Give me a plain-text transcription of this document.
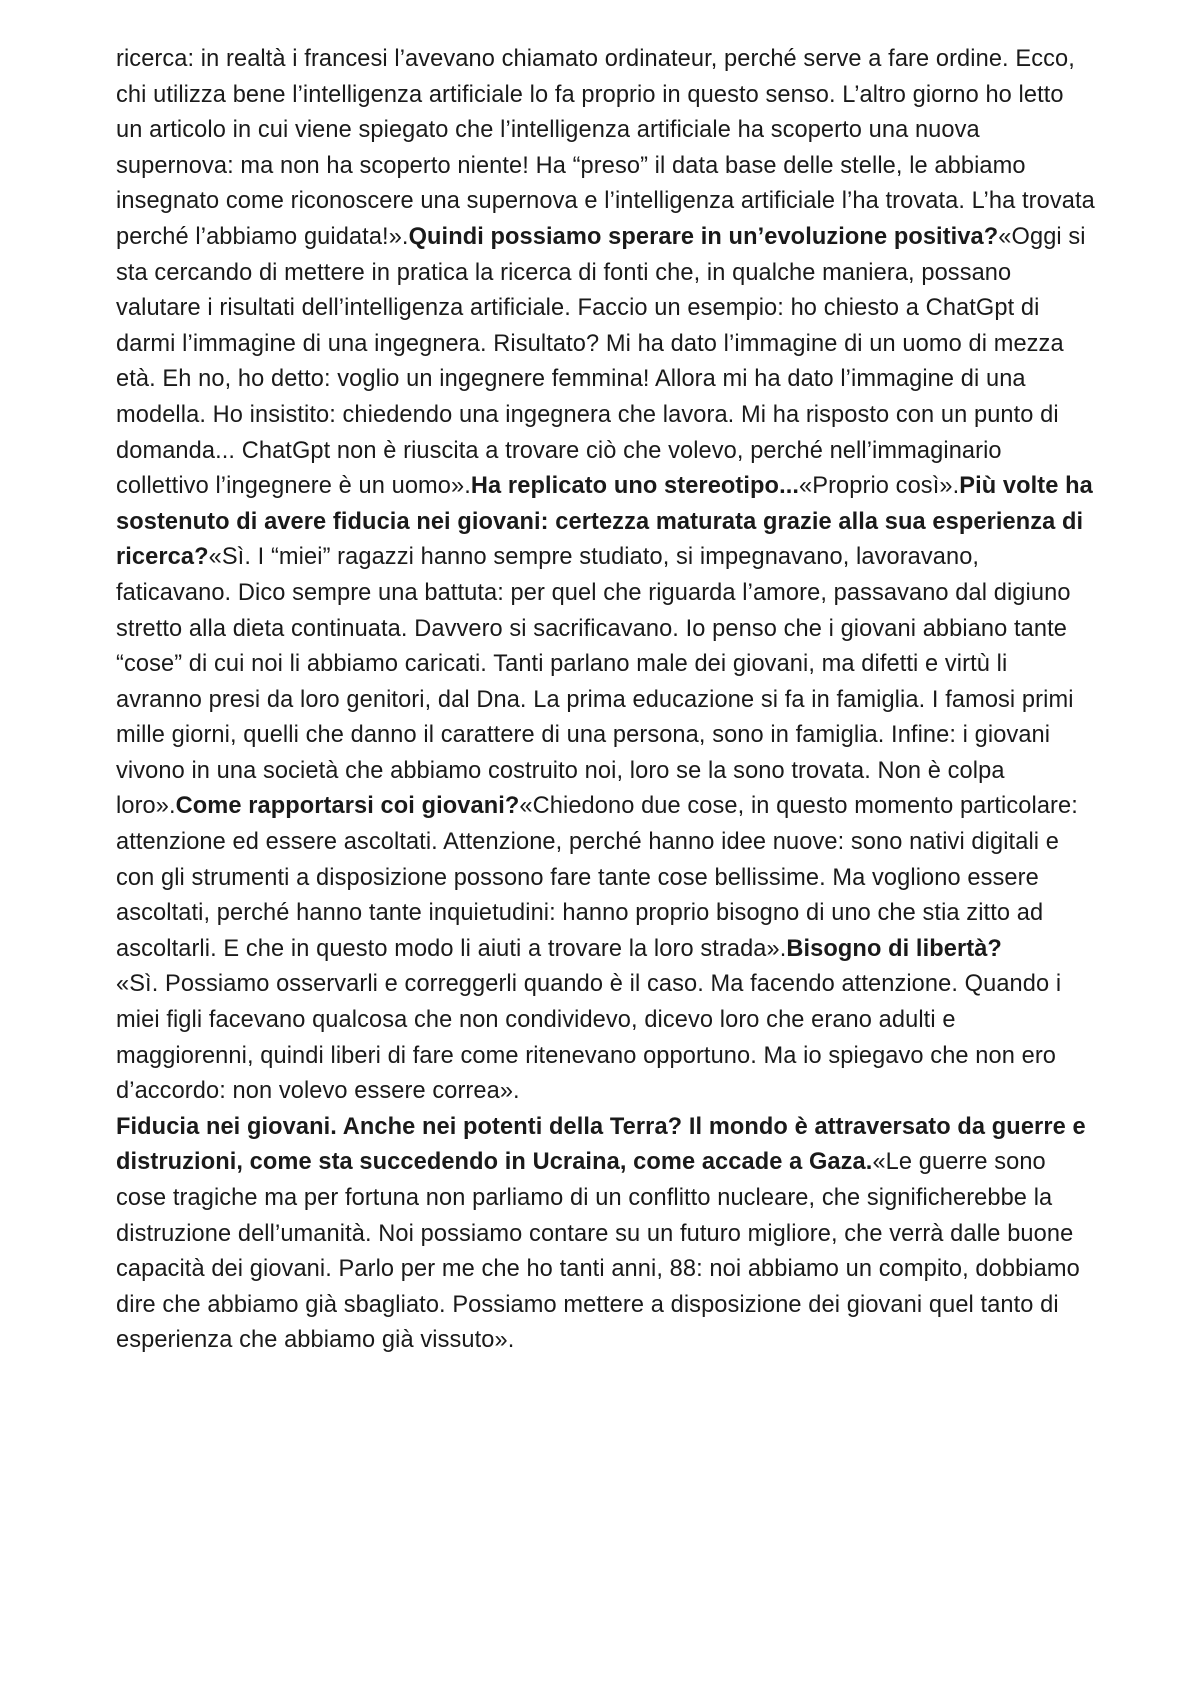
ricerca: in realtà i francesi l’avevano chiamato ordinateur, perché serve a fare ordine. Ecco, chi utilizza bene l’intelligenza artificiale lo fa proprio in questo senso. L’altro giorno ho letto un articolo in cui viene spiegato che l’intelligenza artificiale ha scoperto una nuova supernova: ma non ha scoperto niente! Ha “preso” il data base delle stelle, le abbiamo insegnato come riconoscere una supernova e l’intelligenza artificiale l’ha trovata. L’ha trovata perché l’abbiamo guidata!».Quindi possiamo sperare in un’evoluzione positiva?«Oggi si sta cercando di mettere in pratica la ricerca di fonti che, in qualche maniera, possano valutare i risultati dell’intelligenza artificiale. Faccio un esempio: ho chiesto a ChatGpt di darmi l’immagine di una ingegnera. Risultato? Mi ha dato l’immagine di un uomo di mezza età. Eh no, ho detto: voglio un ingegnere femmina! Allora mi ha dato l’immagine di una modella. Ho insistito: chiedendo una ingegnera che lavora. Mi ha risposto con un punto di domanda... ChatGpt non è riuscita a trovare ciò che volevo, perché nell’immaginario collettivo l’ingegnere è un uomo».Ha replicato uno stereotipo...«Proprio così».Più volte ha sostenuto di avere fiducia nei giovani: certezza maturata grazie alla sua esperienza di ricerca?«Sì. I “miei” ragazzi hanno sempre studiato, si impegnavano, lavoravano, faticavano. Dico sempre una battuta: per quel che riguarda l’amore, passavano dal digiuno stretto alla dieta continuata. Davvero si sacrificavano. Io penso che i giovani abbiano tante “cose” di cui noi li abbiamo caricati. Tanti parlano male dei giovani, ma difetti e virtù li avranno presi da loro genitori, dal Dna. La prima educazione si fa in famiglia. I famosi primi mille giorni, quelli che danno il carattere di una persona, sono in famiglia. Infine: i giovani vivono in una società che abbiamo costruito noi, loro se la sono trovata. Non è colpa loro».Come rapportarsi coi giovani?«Chiedono due cose, in questo momento particolare: attenzione ed essere ascoltati. Attenzione, perché hanno idee nuove: sono nativi digitali e con gli strumenti a disposizione possono fare tante cose bellissime. Ma vogliono essere ascoltati, perché hanno tante inquietudini: hanno proprio bisogno di uno che stia zitto ad ascoltarli. E che in questo modo li aiuti a trovare la loro strada».Bisogno di libertà?

«Sì. Possiamo osservarli e correggerli quando è il caso. Ma facendo attenzione. Quando i miei figli facevano qualcosa che non condividevo, dicevo loro che erano adulti e maggiorenni, quindi liberi di fare come ritenevano opportuno. Ma io spiegavo che non ero d’accordo: non volevo essere correa».

Fiducia nei giovani. Anche nei potenti della Terra? Il mondo è attraversato da guerre e distruzioni, come sta succedendo in Ucraina, come accade a Gaza.«Le guerre sono cose tragiche ma per fortuna non parliamo di un conflitto nucleare, che significherebbe la distruzione dell’umanità. Noi possiamo contare su un futuro migliore, che verrà dalle buone capacità dei giovani. Parlo per me che ho tanti anni, 88: noi abbiamo un compito, dobbiamo dire che abbiamo già sbagliato. Possiamo mettere a disposizione dei giovani quel tanto di esperienza che abbiamo già vissuto».
